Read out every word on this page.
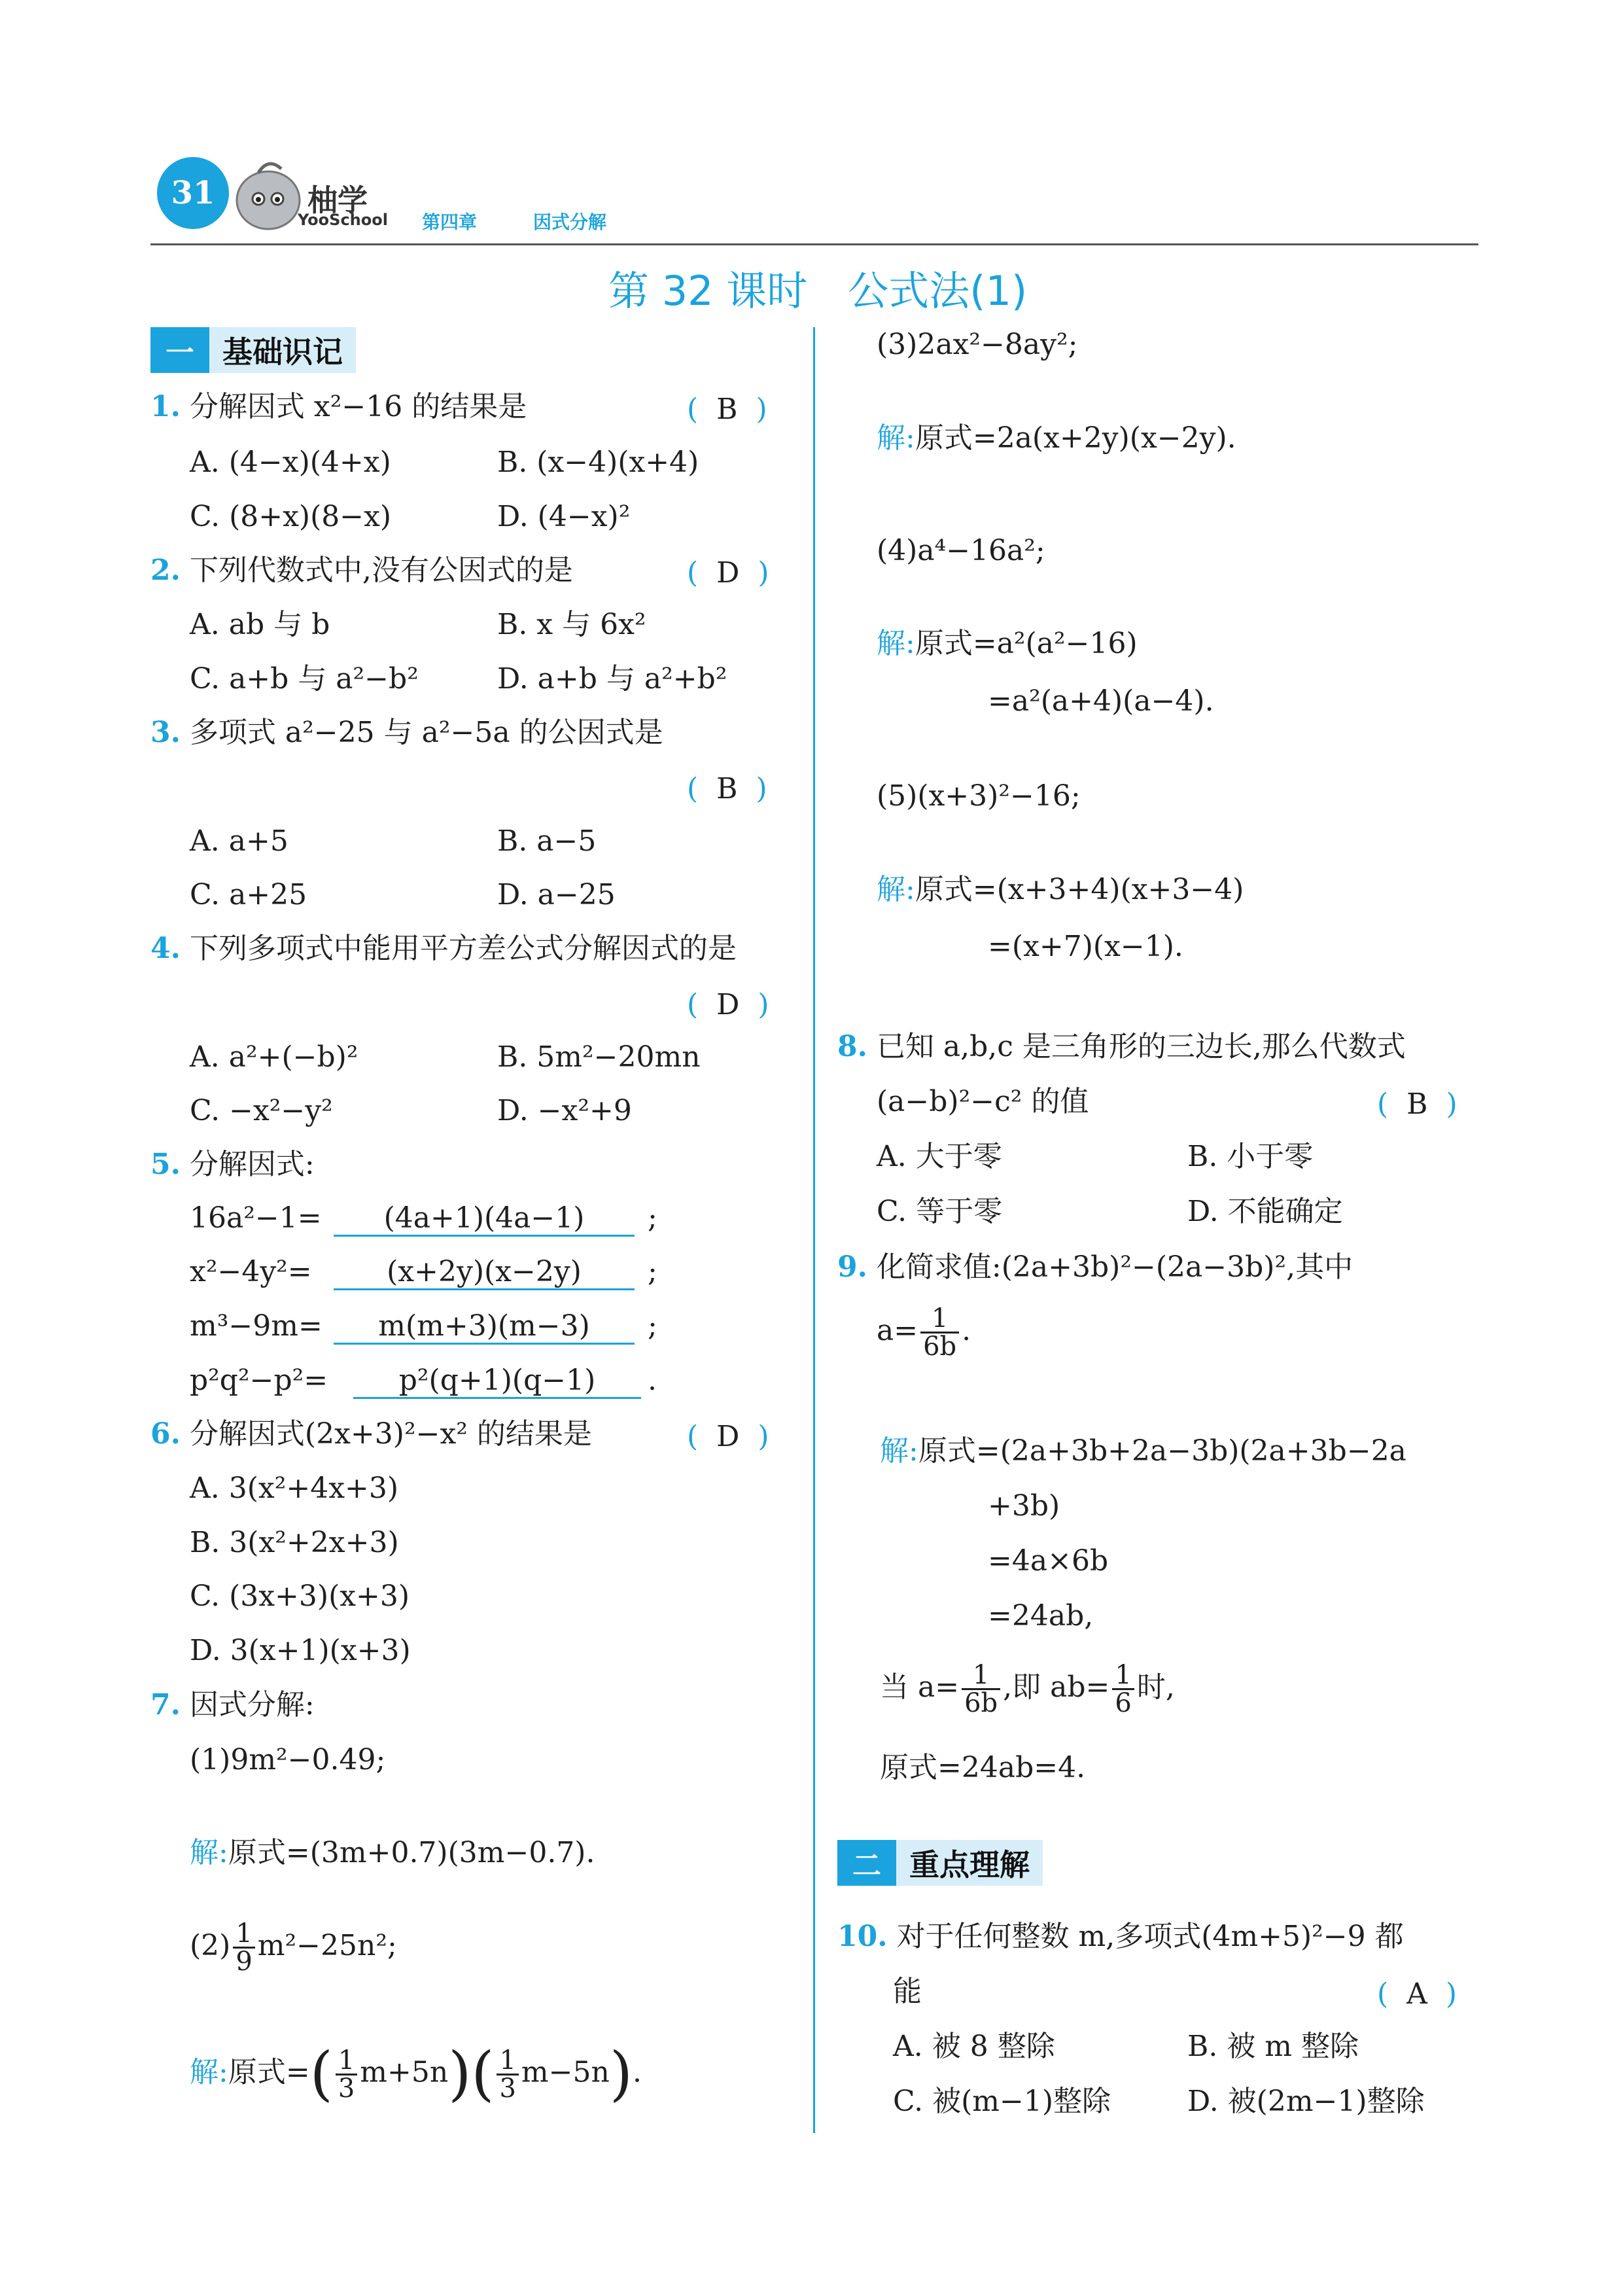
31	柚学
YooSchool 第四章	因式分解
第 32 课时　公式法(1)
一 基础识记
1. 分解因式 x²−16 的结果是	( B )
A. (4−x)(4+x)	B. (x−4)(x+4)
C. (8+x)(8−x)	D. (4−x)²
2. 下列代数式中,没有公因式的是	( D )
A. ab 与 b	B. x 与 6x²
C. a+b 与 a²−b²	D. a+b 与 a²+b²
3. 多项式 a²−25 与 a²−5a 的公因式是
( B )
A. a+5	B. a−5
C. a+25	D. a−25
4. 下列多项式中能用平方差公式分解因式的是
( D )
A. a²+(−b)²	B. 5m²−20mn
C. −x²−y²	D. −x²+9
5. 分解因式:
16a²−1=	(4a+1)(4a−1)	;
x²−4y²=	(x+2y)(x−2y)	;
m³−9m=	m(m+3)(m−3)	;
p²q²−p²=	p²(q+1)(q−1)	.
6. 分解因式(2x+3)²−x² 的结果是	( D )
A. 3(x²+4x+3)
B. 3(x²+2x+3)
C. (3x+3)(x+3)
D. 3(x+1)(x+3)
7. 因式分解:
(1)9m²−0.49;
解:原式=(3m+0.7)(3m−0.7).
$(2) \frac{1}{9} m^2-25n^2$;
解:原式=( $\frac{1}{3} m+5n)( \frac{1}{3} m-5n)$.
(3)2ax²−8ay²;
解:原式=2a(x+2y)(x−2y).
(4)a⁴−16a²;
解:原式=a²(a²−16)
=a²(a+4)(a−4).
(5)(x+3)²−16;
解:原式=(x+3+4)(x+3−4)
=(x+7)(x−1).
8. 已知 a,b,c 是三角形的三边长,那么代数式
(a−b)²−c² 的值	( B )
A. 大于零	B. 小于零
C. 等于零	D. 不能确定
9. 化简求值:(2a+3b)²−(2a−3b)²,其中
$a= \frac{1}{6b}$ .
解:原式=(2a+3b+2a−3b)(2a+3b−2a
+3b)
=4a×6b
=24ab,
当 $a= \frac{1}{6b}$ ,即 $ab= \frac{1}{6}$ 时,
原式=24ab=4.
二 重点理解
10. 对于任何整数 m,多项式(4m+5)²−9 都
能	( A )
A. 被 8 整除	B. 被 m 整除
C. 被(m−1)整除	D. 被(2m−1)整除
